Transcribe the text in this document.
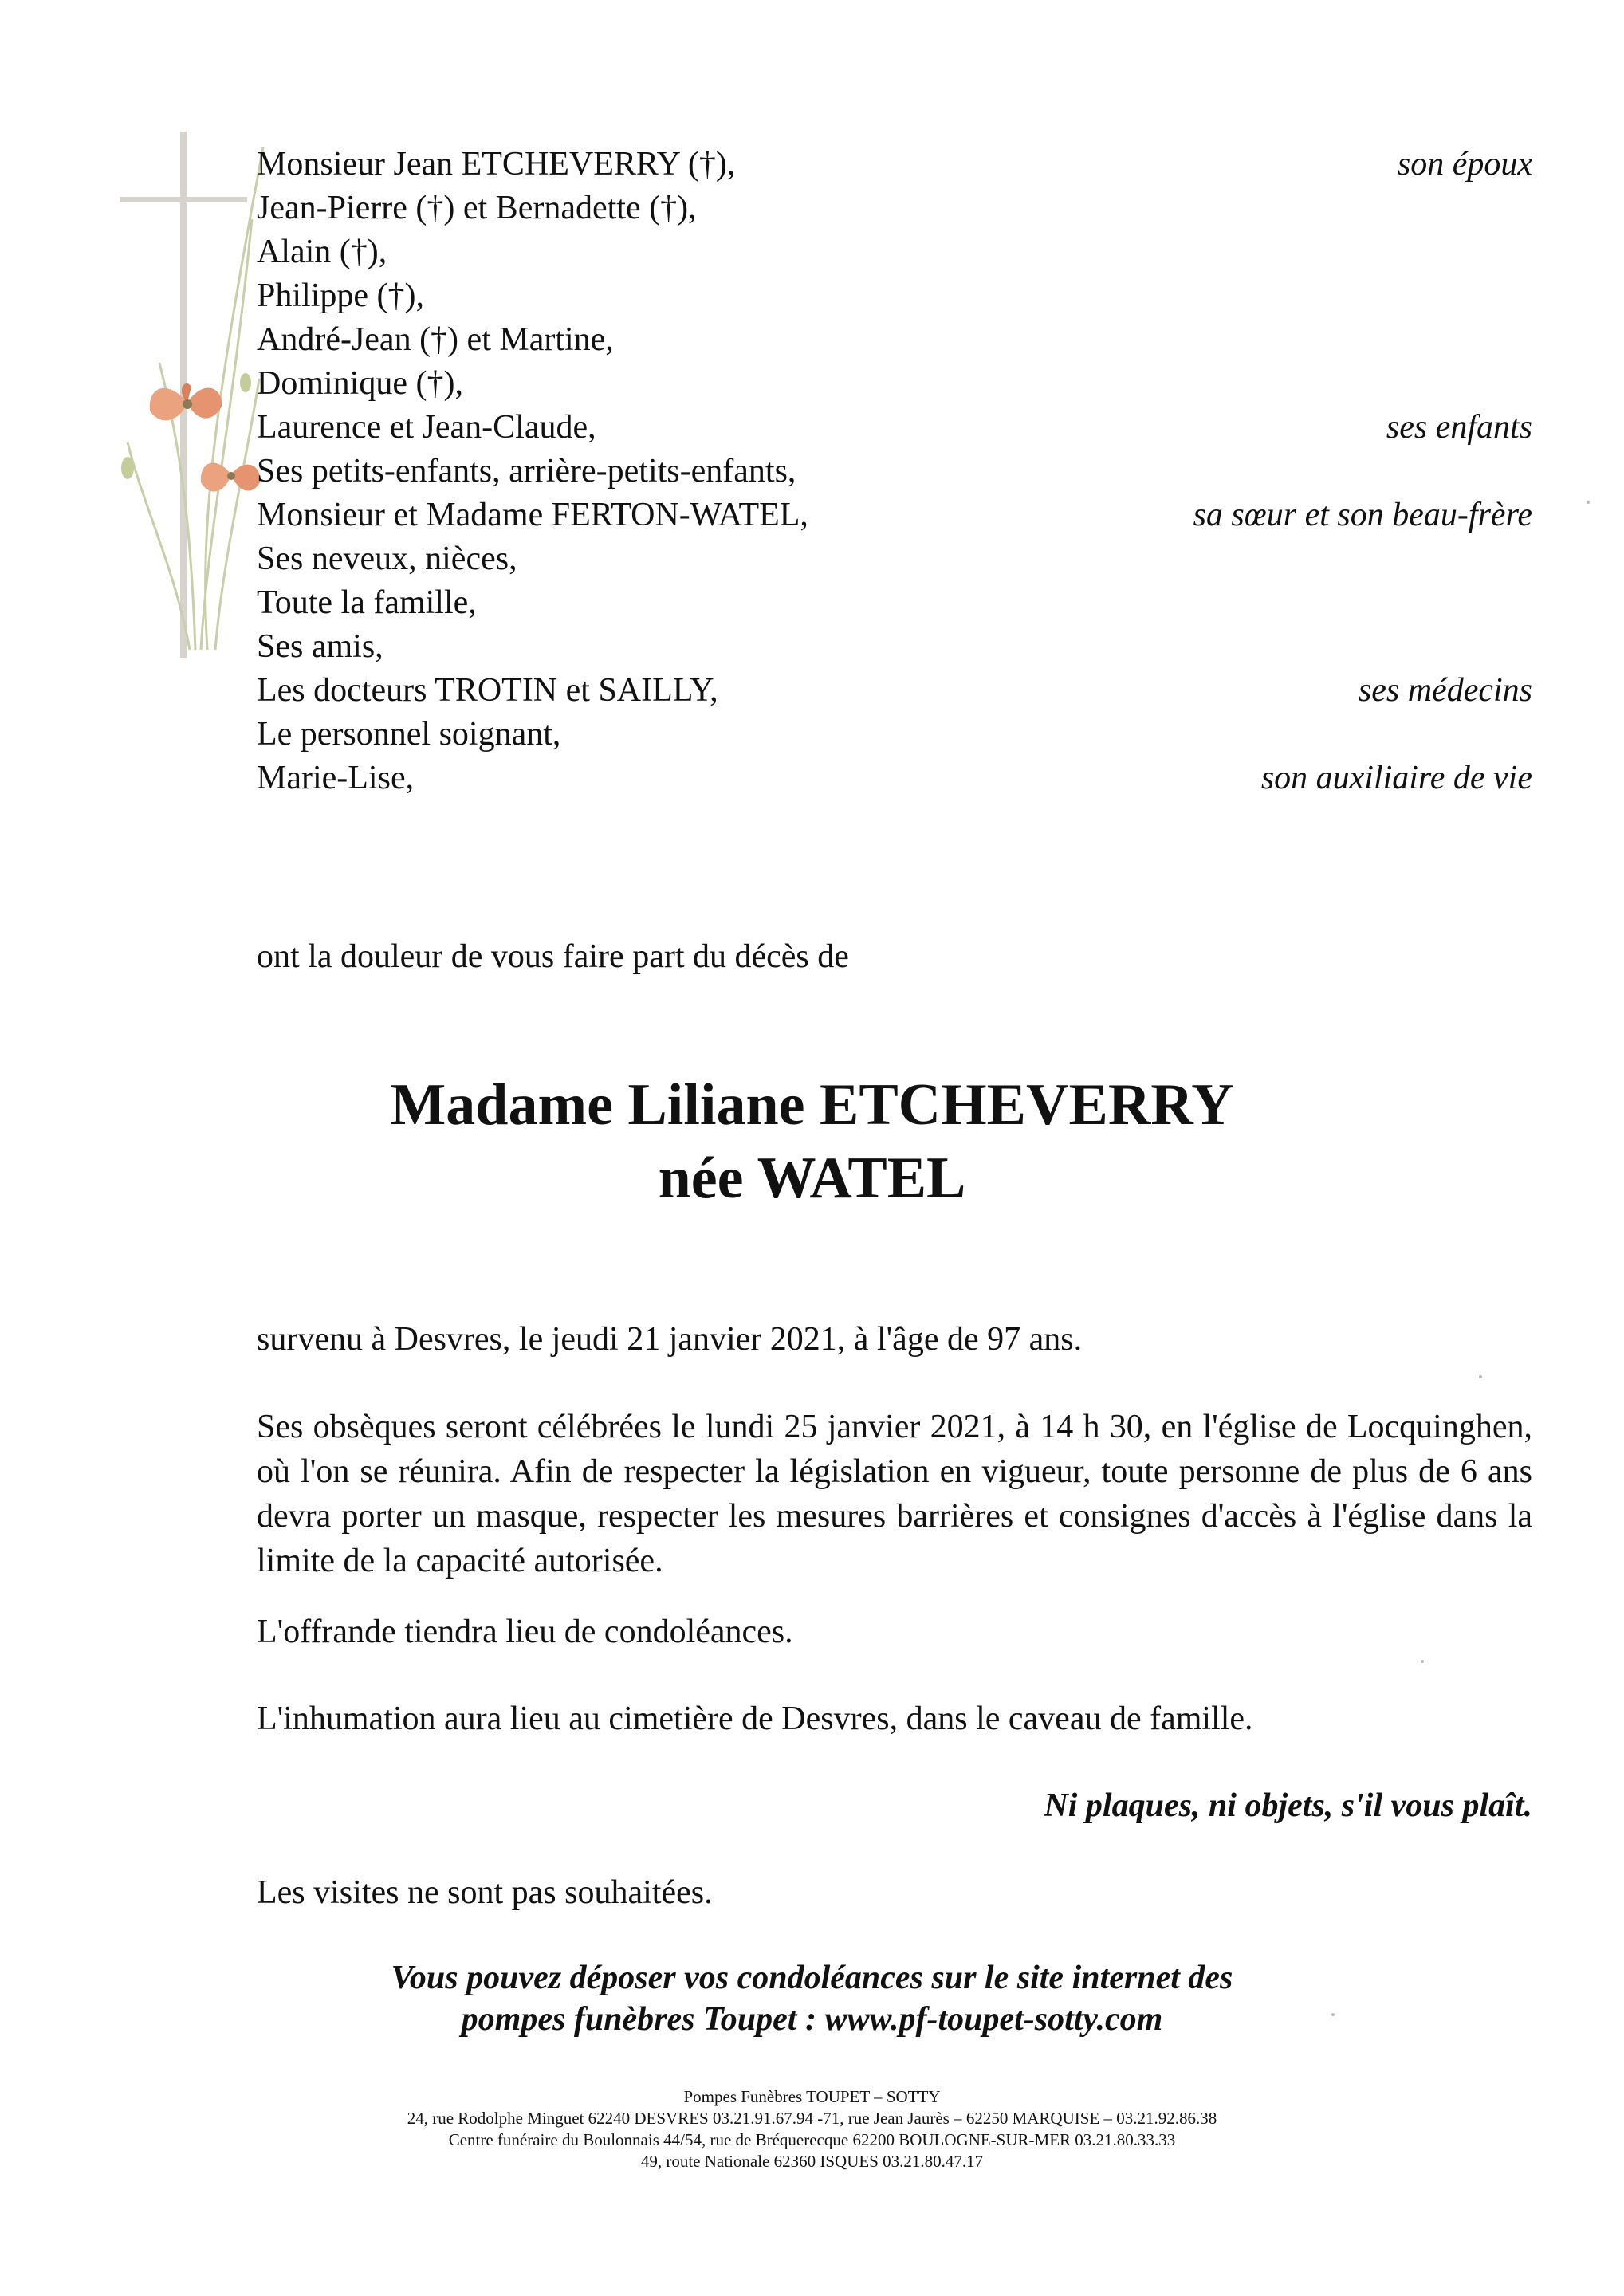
Monsieur Jean ETCHEVERRY (†),	son époux
Jean-Pierre (†) et Bernadette (†),
Alain (†),
Philippe (†),
André-Jean (†) et Martine,
Dominique (†),
Laurence et Jean-Claude,	ses enfants
Ses petits-enfants, arrière-petits-enfants,
Monsieur et Madame FERTON-WATEL,	sa sœur et son beau-frère
Ses neveux, nièces,
Toute la famille,
Ses amis,
Les docteurs TROTIN et SAILLY,	ses médecins
Le personnel soignant,
Marie-Lise,	son auxiliaire de vie
ont la douleur de vous faire part du décès de
Madame Liliane ETCHEVERRY
née WATEL
survenu à Desvres, le jeudi 21 janvier 2021, à l'âge de 97 ans.
Ses obsèques seront célébrées le lundi 25 janvier 2021, à 14 h 30, en l'église de Locquinghen, où l'on se réunira. Afin de respecter la législation en vigueur, toute personne de plus de 6 ans devra porter un masque, respecter les mesures barrières et consignes d'accès à l'église dans la limite de la capacité autorisée.
L'offrande tiendra lieu de condoléances.
L'inhumation aura lieu au cimetière de Desvres, dans le caveau de famille.
Ni plaques, ni objets, s'il vous plaît.
Les visites ne sont pas souhaitées.
Vous pouvez déposer vos condoléances sur le site internet des
pompes funèbres Toupet : www.pf-toupet-sotty.com
Pompes Funèbres TOUPET – SOTTY
24, rue Rodolphe Minguet 62240 DESVRES 03.21.91.67.94 -71, rue Jean Jaurès – 62250 MARQUISE – 03.21.92.86.38
Centre funéraire du Boulonnais 44/54, rue de Bréquerecque 62200 BOULOGNE-SUR-MER 03.21.80.33.33
49, route Nationale 62360 ISQUES 03.21.80.47.17
